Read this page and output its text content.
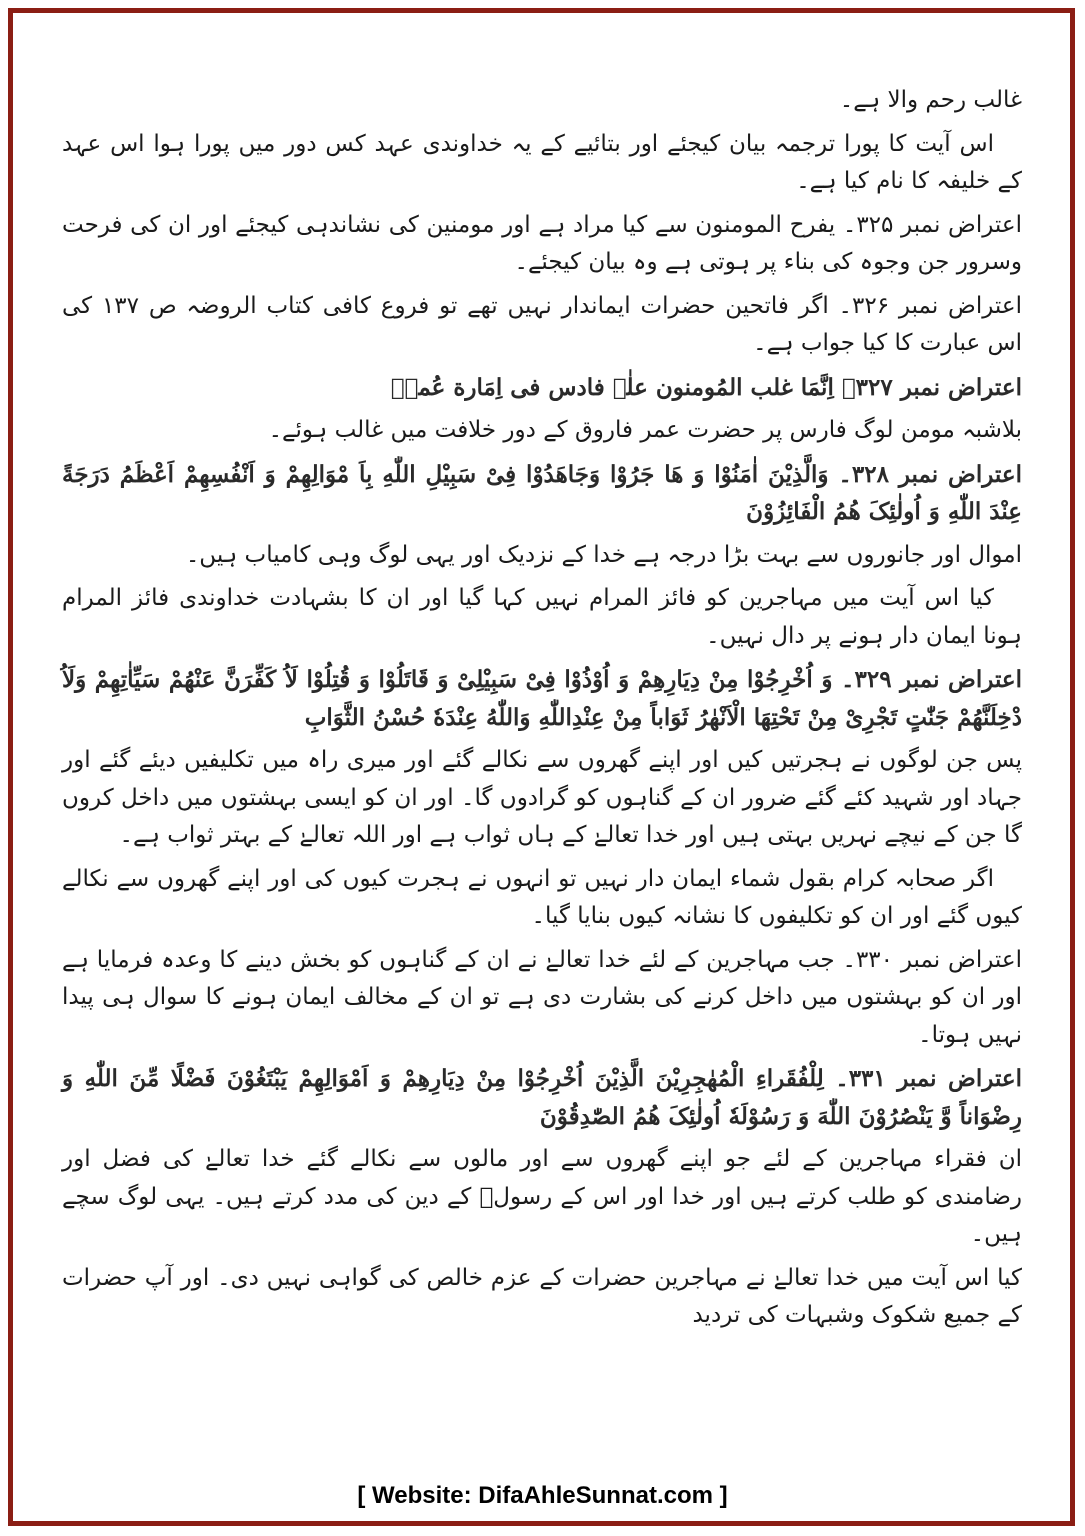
غالب رحم والا ہے۔

اس آیت کا پورا ترجمہ بیان کیجئے اور بتائیے کے یہ خداوندی عہد کس دور میں پورا ہوا اس عہد کے خلیفہ کا نام کیا ہے۔

اعتراض نمبر ۳۲۵۔ یفرح المومنون سے کیا مراد ہے اور مومنین کی نشاندہی کیجئے اور ان کی فرحت وسرور جن وجوہ کی بناء پر ہوتی ہے وہ بیان کیجئے۔

اعتراض نمبر ۳۲۶۔ اگر فاتحین حضرات ایماندار نہیں تھے تو فروع کافی کتاب الروضہ ص ۱۳۷ کی اس عبارت کا کیا جواب ہے۔

اعتراض نمبر ۳۲۷۔ اِنَّمَا غلب المُومنون علٰے فادس فی اِمَارة عُمرؓ

بلاشبہ مومن لوگ فارس پر حضرت عمر فاروق کے دور خلافت میں غالب ہوئے۔

اعتراض نمبر ۳۲۸۔ وَالَّذِیْنَ اٰمَنُوْا وَ هَا جَرُوْا وَجَاهَدُوْا فِیْ سَبِیْلِ اللّٰهِ بِاَ مْوَالِهِمْ وَ اَنْفُسِهِمْ اَعْظَمُ دَرَجَةً عِنْدَ اللّٰهِ وَ اُولٰئِکَ هُمُ الْفَائِزُوْنَ

اموال اور جانوروں سے بہت بڑا درجہ ہے خدا کے نزدیک اور یہی لوگ وہی کامیاب ہیں۔

کیا اس آیت میں مہاجرین کو فائز المرام نہیں کہا گیا اور ان کا بشہادت خداوندی فائز المرام ہونا ایمان دار ہونے پر دال نہیں۔

اعتراض نمبر ۳۲۹۔ وَ اُخْرِجُوْا مِنْ دِیَارِهِمْ وَ اُوْذُوْا فِیْ سَبِیْلِیْ وَ قَاتَلُوْا وَ قُتِلُوْا لَاُ کَفِّرَنَّ عَنْهُمْ سَیِّاٰتِهِمْ وَلَاُ دْخِلَنَّهُمْ جَنّٰتٍ تَجْرِیْ مِنْ تَحْتِهَا الْاَنْهٰرُ ثَوَاباً مِنْ عِنْدِاللّٰهِ وَاللّٰهُ عِنْدَهٗ حُسْنُ الثَّوَابِ

پس جن لوگوں نے ہجرتیں کیں اور اپنے گھروں سے نکالے گئے اور میری راہ میں تکلیفیں دیئے گئے اور جہاد اور شہید کئے گئے ضرور ان کے گناہوں کو گرادوں گا۔ اور ان کو ایسی بہشتوں میں داخل کروں گا جن کے نیچے نہریں بہتی ہیں اور خدا تعالےٰ کے ہاں ثواب ہے اور اللہ تعالےٰ کے بہتر ثواب ہے۔

اگر صحابہ کرام بقول شماء ایمان دار نہیں تو انہوں نے ہجرت کیوں کی اور اپنے گھروں سے نکالے کیوں گئے اور ان کو تکلیفوں کا نشانہ کیوں بنایا گیا۔

اعتراض نمبر ۳۳۰۔ جب مہاجرین کے لئے خدا تعالےٰ نے ان کے گناہوں کو بخش دینے کا وعدہ فرمایا ہے اور ان کو بہشتوں میں داخل کرنے کی بشارت دی ہے تو ان کے مخالف ایمان ہونے کا سوال ہی پیدا نہیں ہوتا۔

اعتراض نمبر ۳۳۱۔ لِلْفُقَراءِ الْمُهٰجِرِیْنَ الَّذِیْنَ اُخْرِجُوْا مِنْ دِیَارِهِمْ وَ اَمْوَالِهِمْ یَبْتَغُوْنَ فَضْلًا مِّنَ اللّٰهِ وَ رِضْوَاناً وَّ یَنْصُرُوْنَ اللّٰهَ وَ رَسُوْلَهٗ اُولٰئِکَ هُمُ الصّٰدِقُوْنَ

ان فقراء مہاجرین کے لئے جو اپنے گھروں سے اور مالوں سے نکالے گئے خدا تعالےٰ کی فضل اور رضامندی کو طلب کرتے ہیں اور خدا اور اس کے رسولؐ کے دین کی مدد کرتے ہیں۔ یہی لوگ سچے ہیں۔

کیا اس آیت میں خدا تعالےٰ نے مہاجرین حضرات کے عزم خالص کی گواہی نہیں دی۔ اور آپ حضرات کے جمیع شکوک وشبہات کی تردید

[ Website: DifaAhleSunnat.com ]
